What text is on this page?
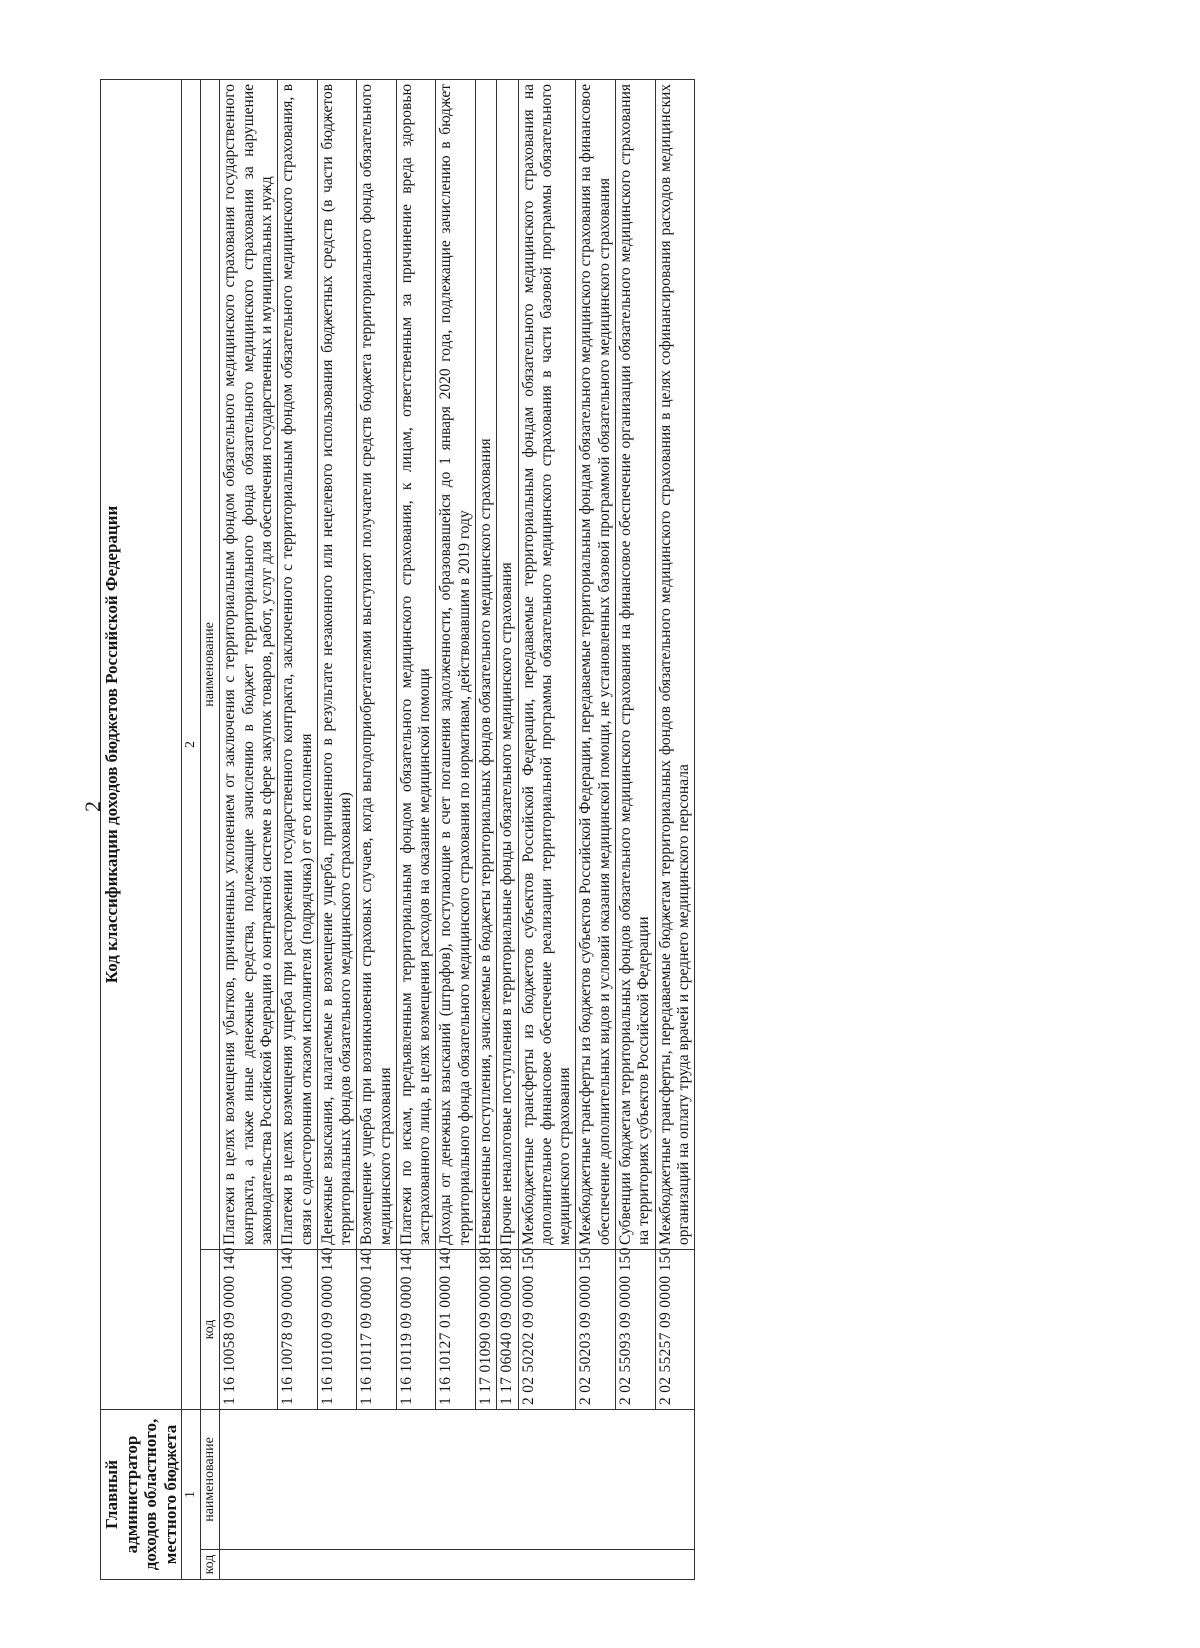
2
Главный администратор доходов областного, местного бюджета		Код классификации доходов бюджетов Российской Федерации	
1		2	
код	наименование	код	наименование
		1 16 10058 09 0000 140	Платежи в целях возмещения убытков, причиненных уклонением от заключения с территориальным фондом обязательного медицинского страхования государственного контракта, а также иные денежные средства, подлежащие зачислению в бюджет территориального фонда обязательного медицинского страхования за нарушение законодательства Российской Федерации о контрактной системе в сфере закупок товаров, работ, услуг для обеспечения государственных и муниципальных нужд
		1 16 10078 09 0000 140	Платежи в целях возмещения ущерба при расторжении государственного контракта, заключенного с территориальным фондом обязательного медицинского страхования, в связи с односторонним отказом исполнителя (подрядчика) от его исполнения
		1 16 10100 09 0000 140	Денежные взыскания, налагаемые в возмещение ущерба, причиненного в результате незаконного или нецелевого использования бюджетных средств (в части бюджетов территориальных фондов обязательного медицинского страхования)
		1 16 10117 09 0000 140	Возмещение ущерба при возникновении страховых случаев, когда выгодоприобретателями выступают получатели средств бюджета территориального фонда обязательного медицинского страхования
		1 16 10119 09 0000 140	Платежи по искам, предъявленным территориальным фондом обязательного медицинского страхования, к лицам, ответственным за причинение вреда здоровью застрахованного лица, в целях возмещения расходов на оказание медицинской помощи
		1 16 10127 01 0000 140	Доходы от денежных взысканий (штрафов), поступающие в счет погашения задолженности, образовавшейся до 1 января 2020 года, подлежащие зачислению в бюджет территориального фонда обязательного медицинского страхования по нормативам, действовавшим в 2019 году
		1 17 01090 09 0000 180	Невыясненные поступления, зачисляемые в бюджеты территориальных фондов обязательного медицинского страхования
		1 17 06040 09 0000 180	Прочие неналоговые поступления в территориальные фонды обязательного медицинского страхования
		2 02 50202 09 0000 150	Межбюджетные трансферты из бюджетов субъектов Российской Федерации, передаваемые территориальным фондам обязательного медицинского страхования на дополнительное финансовое обеспечение реализации территориальной программы обязательного медицинского страхования в части базовой программы обязательного медицинского страхования
		2 02 50203 09 0000 150	Межбюджетные трансферты из бюджетов субъектов Российской Федерации, передаваемые территориальным фондам обязательного медицинского страхования на финансовое обеспечение дополнительных видов и условий оказания медицинской помощи, не установленных базовой программой обязательного медицинского страхования
		2 02 55093 09 0000 150	Субвенции бюджетам территориальных фондов обязательного медицинского страхования на финансовое обеспечение организации обязательного медицинского страхования на территориях субъектов Российской Федерации
		2 02 55257 09 0000 150	Межбюджетные трансферты, передаваемые бюджетам территориальных фондов обязательного медицинского страхования в целях софинансирования расходов медицинских организаций на оплату труда врачей и среднего медицинского персонала
